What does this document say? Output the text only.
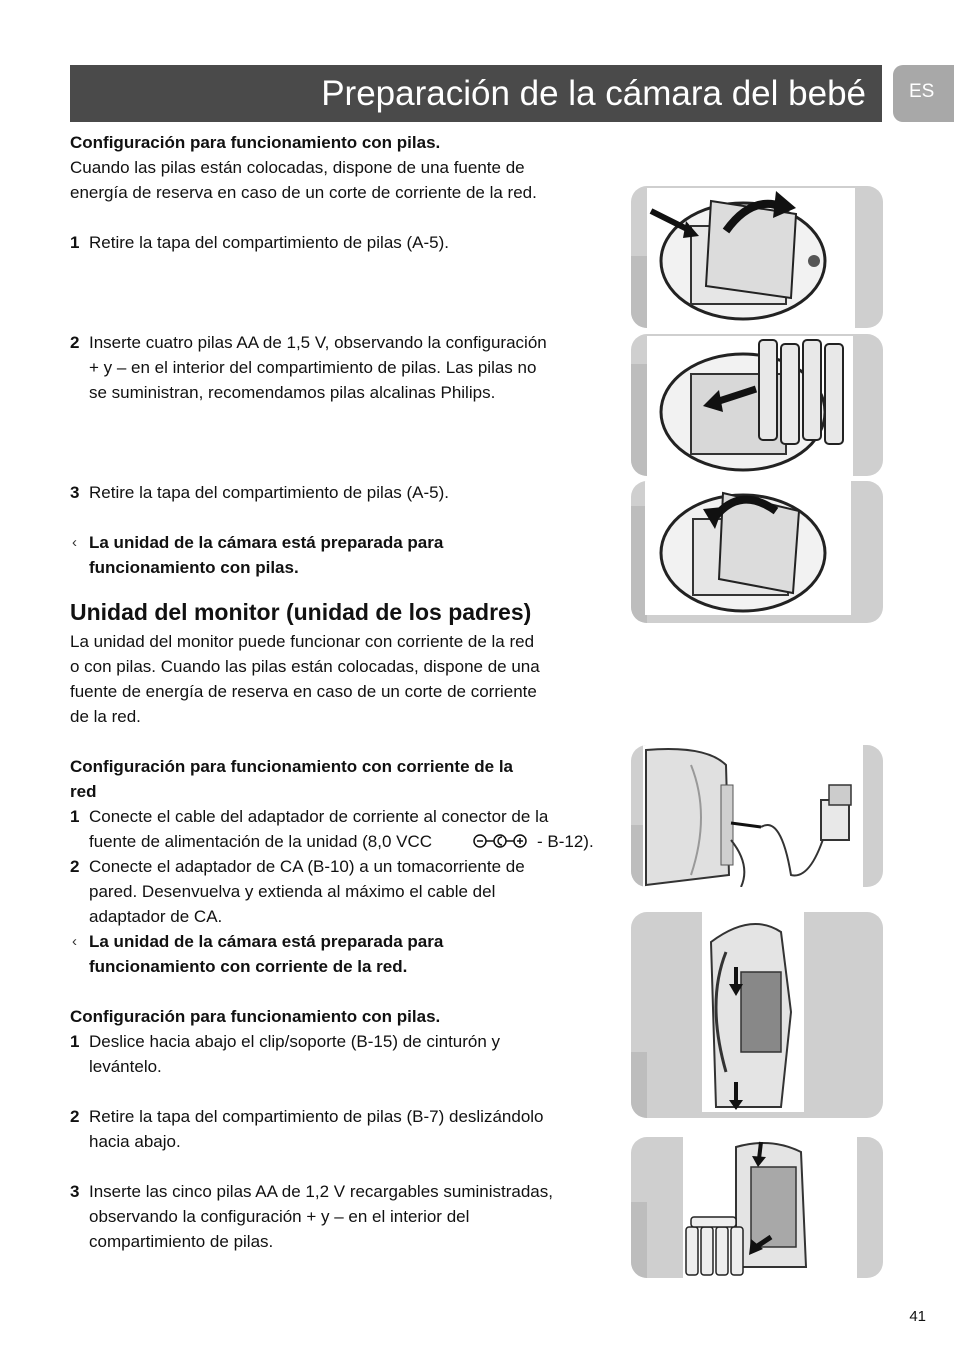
Preparación de la cámara del bebé ES
Configuración para funcionamiento con pilas.
Cuando las pilas están colocadas, dispone de una fuente de
energía de reserva en caso de un corte de corriente de la red.
1 Retire la tapa del compartimiento de pilas (A-5).
2 Inserte cuatro pilas AA de 1,5 V, observando la configuración
+ y – en el interior del compartimiento de pilas. Las pilas no
se suministran, recomendamos pilas alcalinas Philips.
3 Retire la tapa del compartimiento de pilas (A-5).
‹ La unidad de la cámara está preparada para
funcionamiento con pilas.
Unidad del monitor (unidad de los padres)
La unidad del monitor puede funcionar con corriente de la red
o con pilas. Cuando las pilas están colocadas, dispone de una
fuente de energía de reserva en caso de un corte de corriente
de la red.
Configuración para funcionamiento con corriente de la
red
1 Conecte el cable del adaptador de corriente al conector de la
fuente de alimentación de la unidad (8,0 VCC	- B-12).
2 Conecte el adaptador de CA (B-10) a un tomacorriente de
pared. Desenvuelva y extienda al máximo el cable del
adaptador de CA.
‹ La unidad de la cámara está preparada para
funcionamiento con corriente de la red.
Configuración para funcionamiento con pilas.
1 Deslice hacia abajo el clip/soporte (B-15) de cinturón y
levántelo.
2 Retire la tapa del compartimiento de pilas (B-7) deslizándolo
hacia abajo.
3 Inserte las cinco pilas AA de 1,2 V recargables suministradas,
observando la configuración + y – en el interior del
compartimiento de pilas.
41
